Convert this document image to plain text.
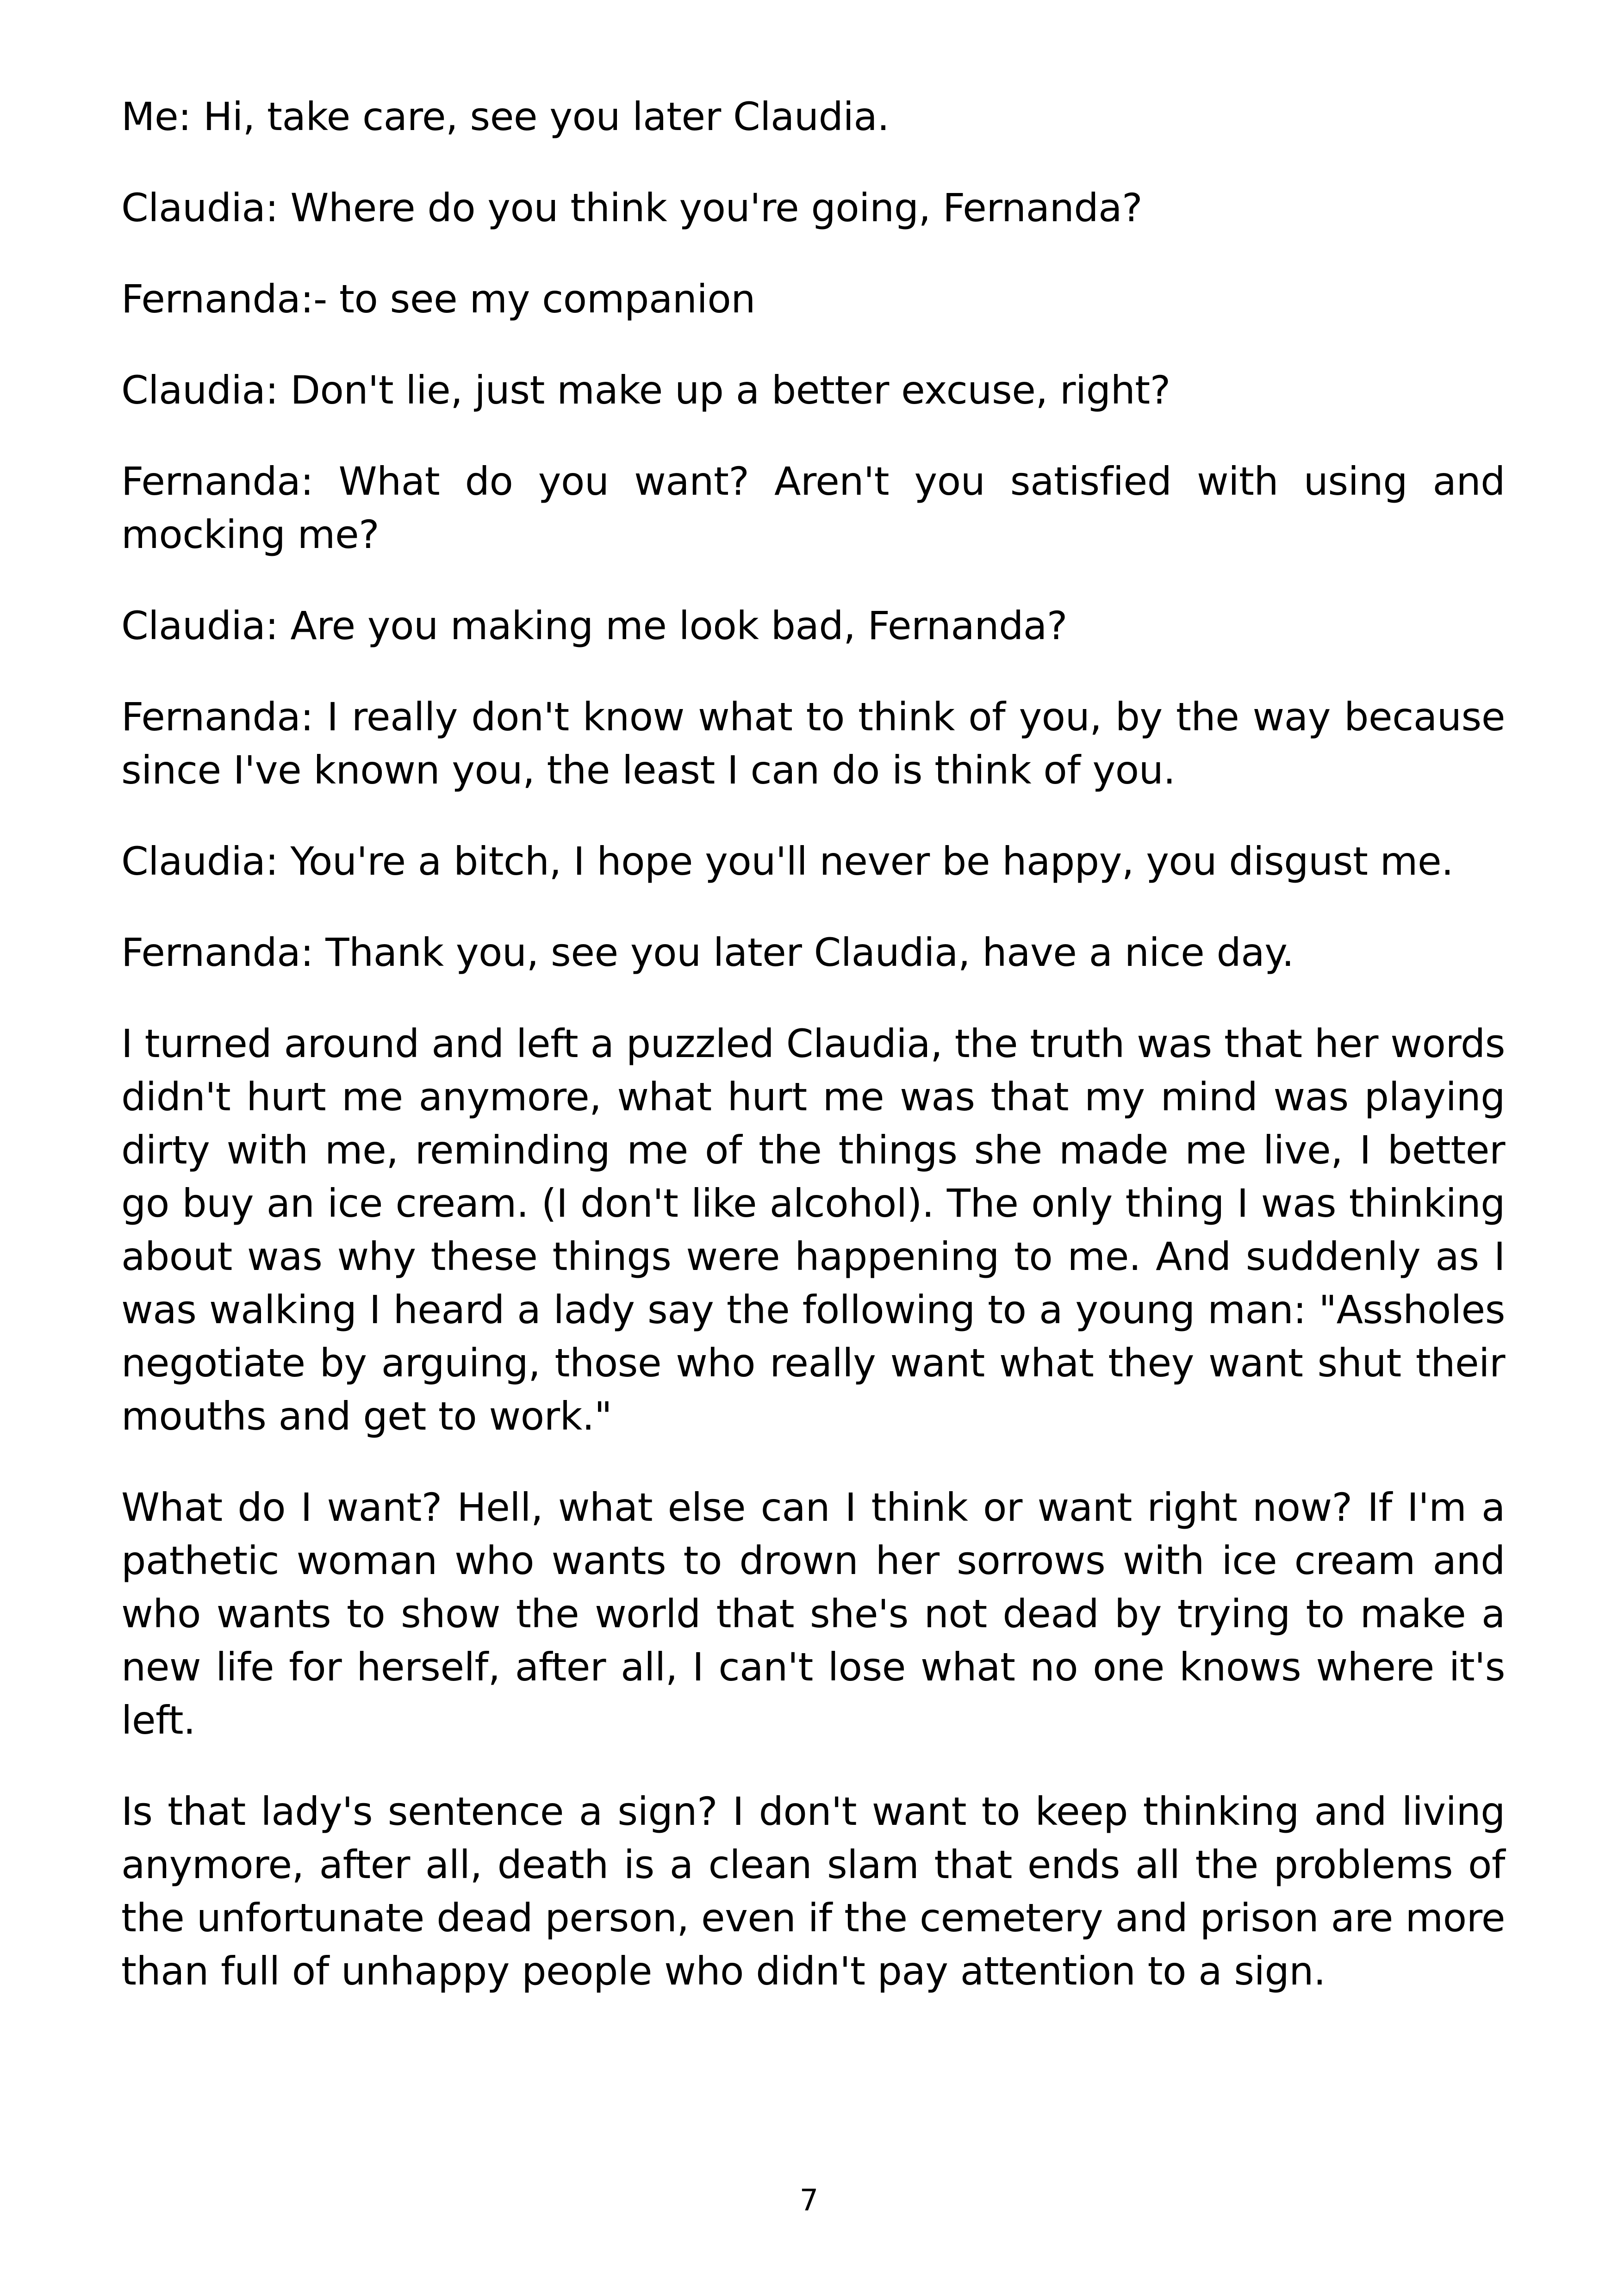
Me: Hi, take care, see you later Claudia.

Claudia: Where do you think you're going, Fernanda?

Fernanda:- to see my companion

Claudia: Don't lie, just make up a better excuse, right?

Fernanda: What do you want? Aren't you satisfied with using and mocking me?

Claudia: Are you making me look bad, Fernanda?

Fernanda: I really don't know what to think of you, by the way because since I've known you, the least I can do is think of you.

Claudia: You're a bitch, I hope you'll never be happy, you disgust me.

Fernanda: Thank you, see you later Claudia, have a nice day.

I turned around and left a puzzled Claudia, the truth was that her words didn't hurt me anymore, what hurt me was that my mind was playing dirty with me, reminding me of the things she made me live, I better go buy an ice cream. (I don't like alcohol). The only thing I was thinking about was why these things were happening to me. And suddenly as I was walking I heard a lady say the following to a young man: "Assholes negotiate by arguing, those who really want what they want shut their mouths and get to work."

What do I want? Hell, what else can I think or want right now? If I'm a pathetic woman who wants to drown her sorrows with ice cream and who wants to show the world that she's not dead by trying to make a new life for herself, after all, I can't lose what no one knows where it's left.

Is that lady's sentence a sign? I don't want to keep thinking and living anymore, after all, death is a clean slam that ends all the problems of the unfortunate dead person, even if the cemetery and prison are more than full of unhappy people who didn't pay attention to a sign.

7
